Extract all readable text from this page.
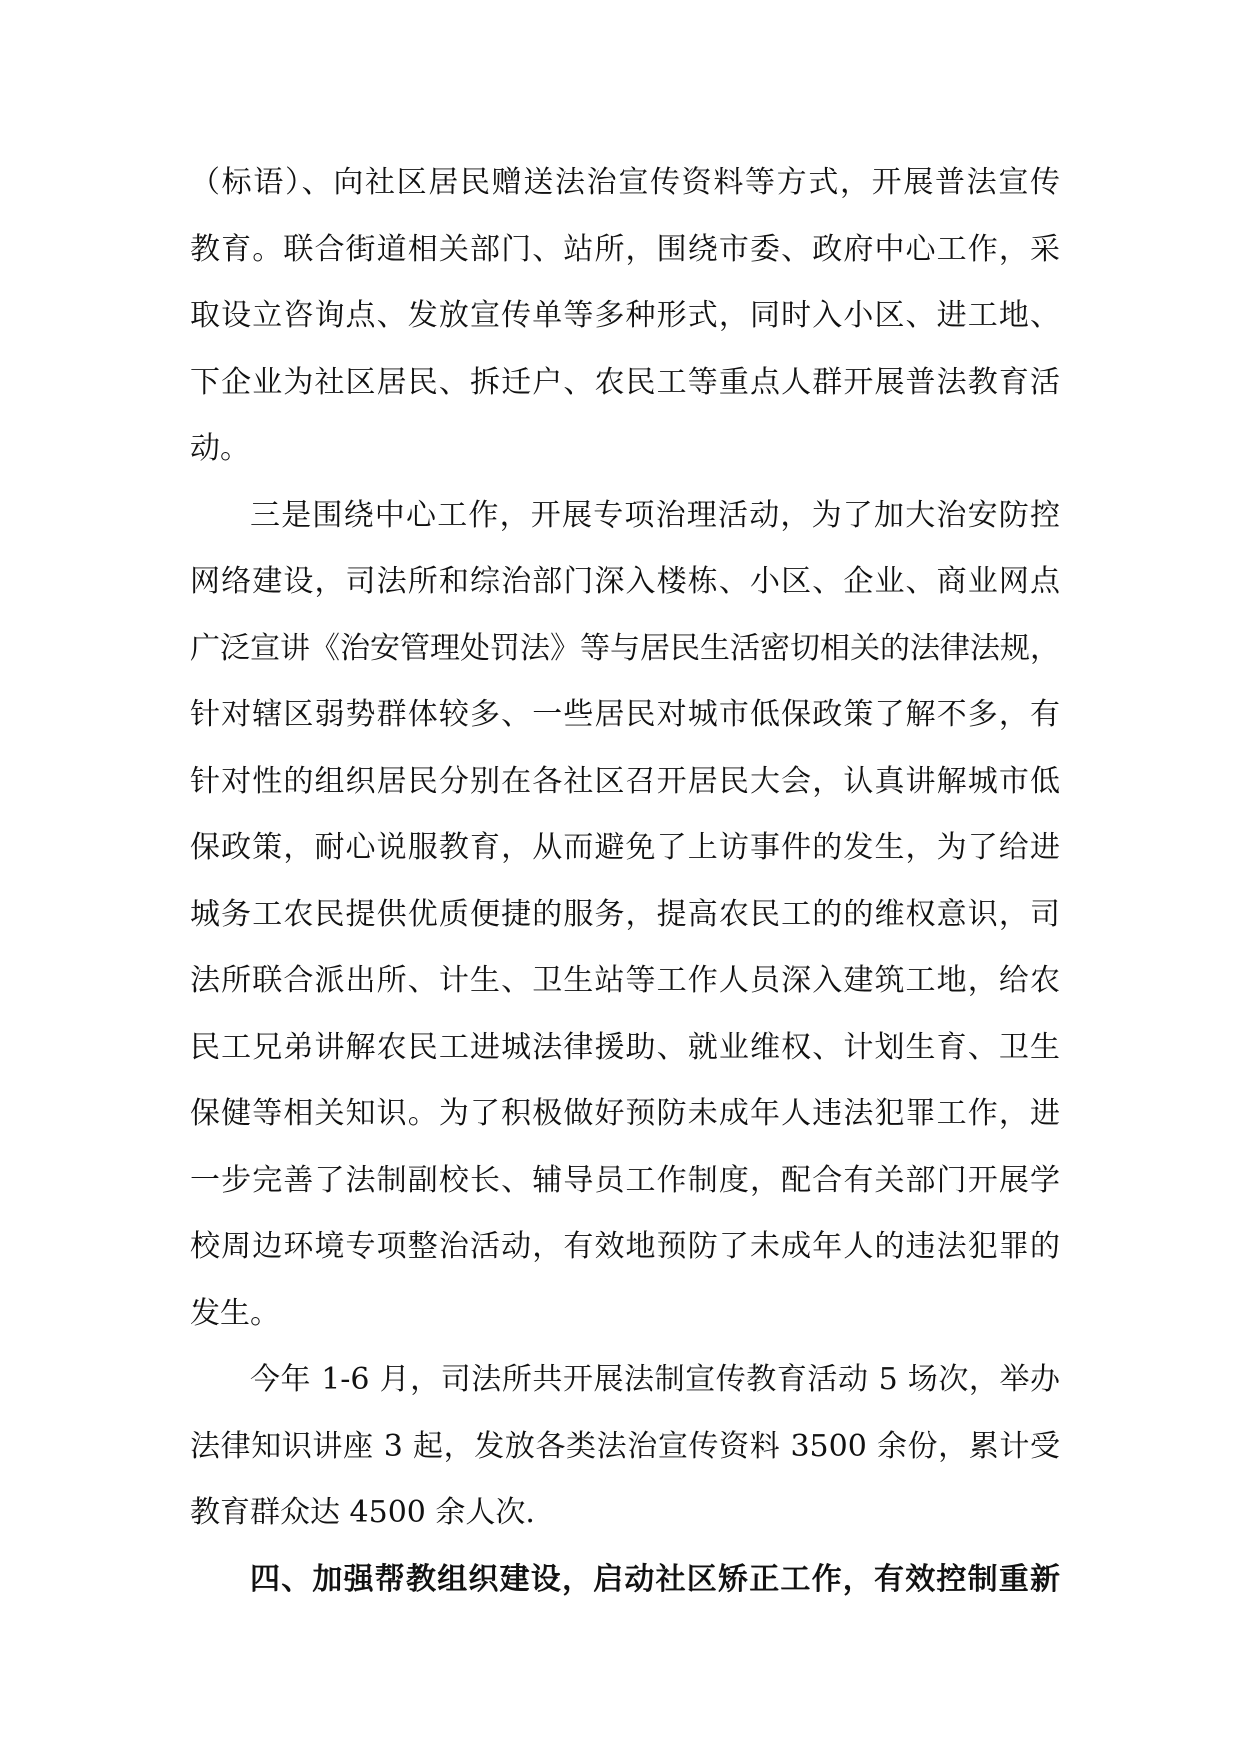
（标语）、向社区居民赠送法治宣传资料等方式，开展普法宣传
教育。联合街道相关部门、站所，围绕市委、政府中心工作，采
取设立咨询点、发放宣传单等多种形式，同时入小区、进工地、
下企业为社区居民、拆迁户、农民工等重点人群开展普法教育活
动。
三是围绕中心工作，开展专项治理活动，为了加大治安防控
网络建设，司法所和综治部门深入楼栋、小区、企业、商业网点
广泛宣讲《治安管理处罚法》等与居民生活密切相关的法律法规，
针对辖区弱势群体较多、一些居民对城市低保政策了解不多，有
针对性的组织居民分别在各社区召开居民大会，认真讲解城市低
保政策，耐心说服教育，从而避免了上访事件的发生，为了给进
城务工农民提供优质便捷的服务，提高农民工的的维权意识，司
法所联合派出所、计生、卫生站等工作人员深入建筑工地，给农
民工兄弟讲解农民工进城法律援助、就业维权、计划生育、卫生
保健等相关知识。为了积极做好预防未成年人违法犯罪工作，进
一步完善了法制副校长、辅导员工作制度，配合有关部门开展学
校周边环境专项整治活动，有效地预防了未成年人的违法犯罪的
发生。
今年 1-6 月，司法所共开展法制宣传教育活动 5 场次，举办
法律知识讲座 3 起，发放各类法治宣传资料 3500 余份，累计受
教育群众达 4500 余人次.
四、加强帮教组织建设，启动社区矫正工作，有效控制重新
